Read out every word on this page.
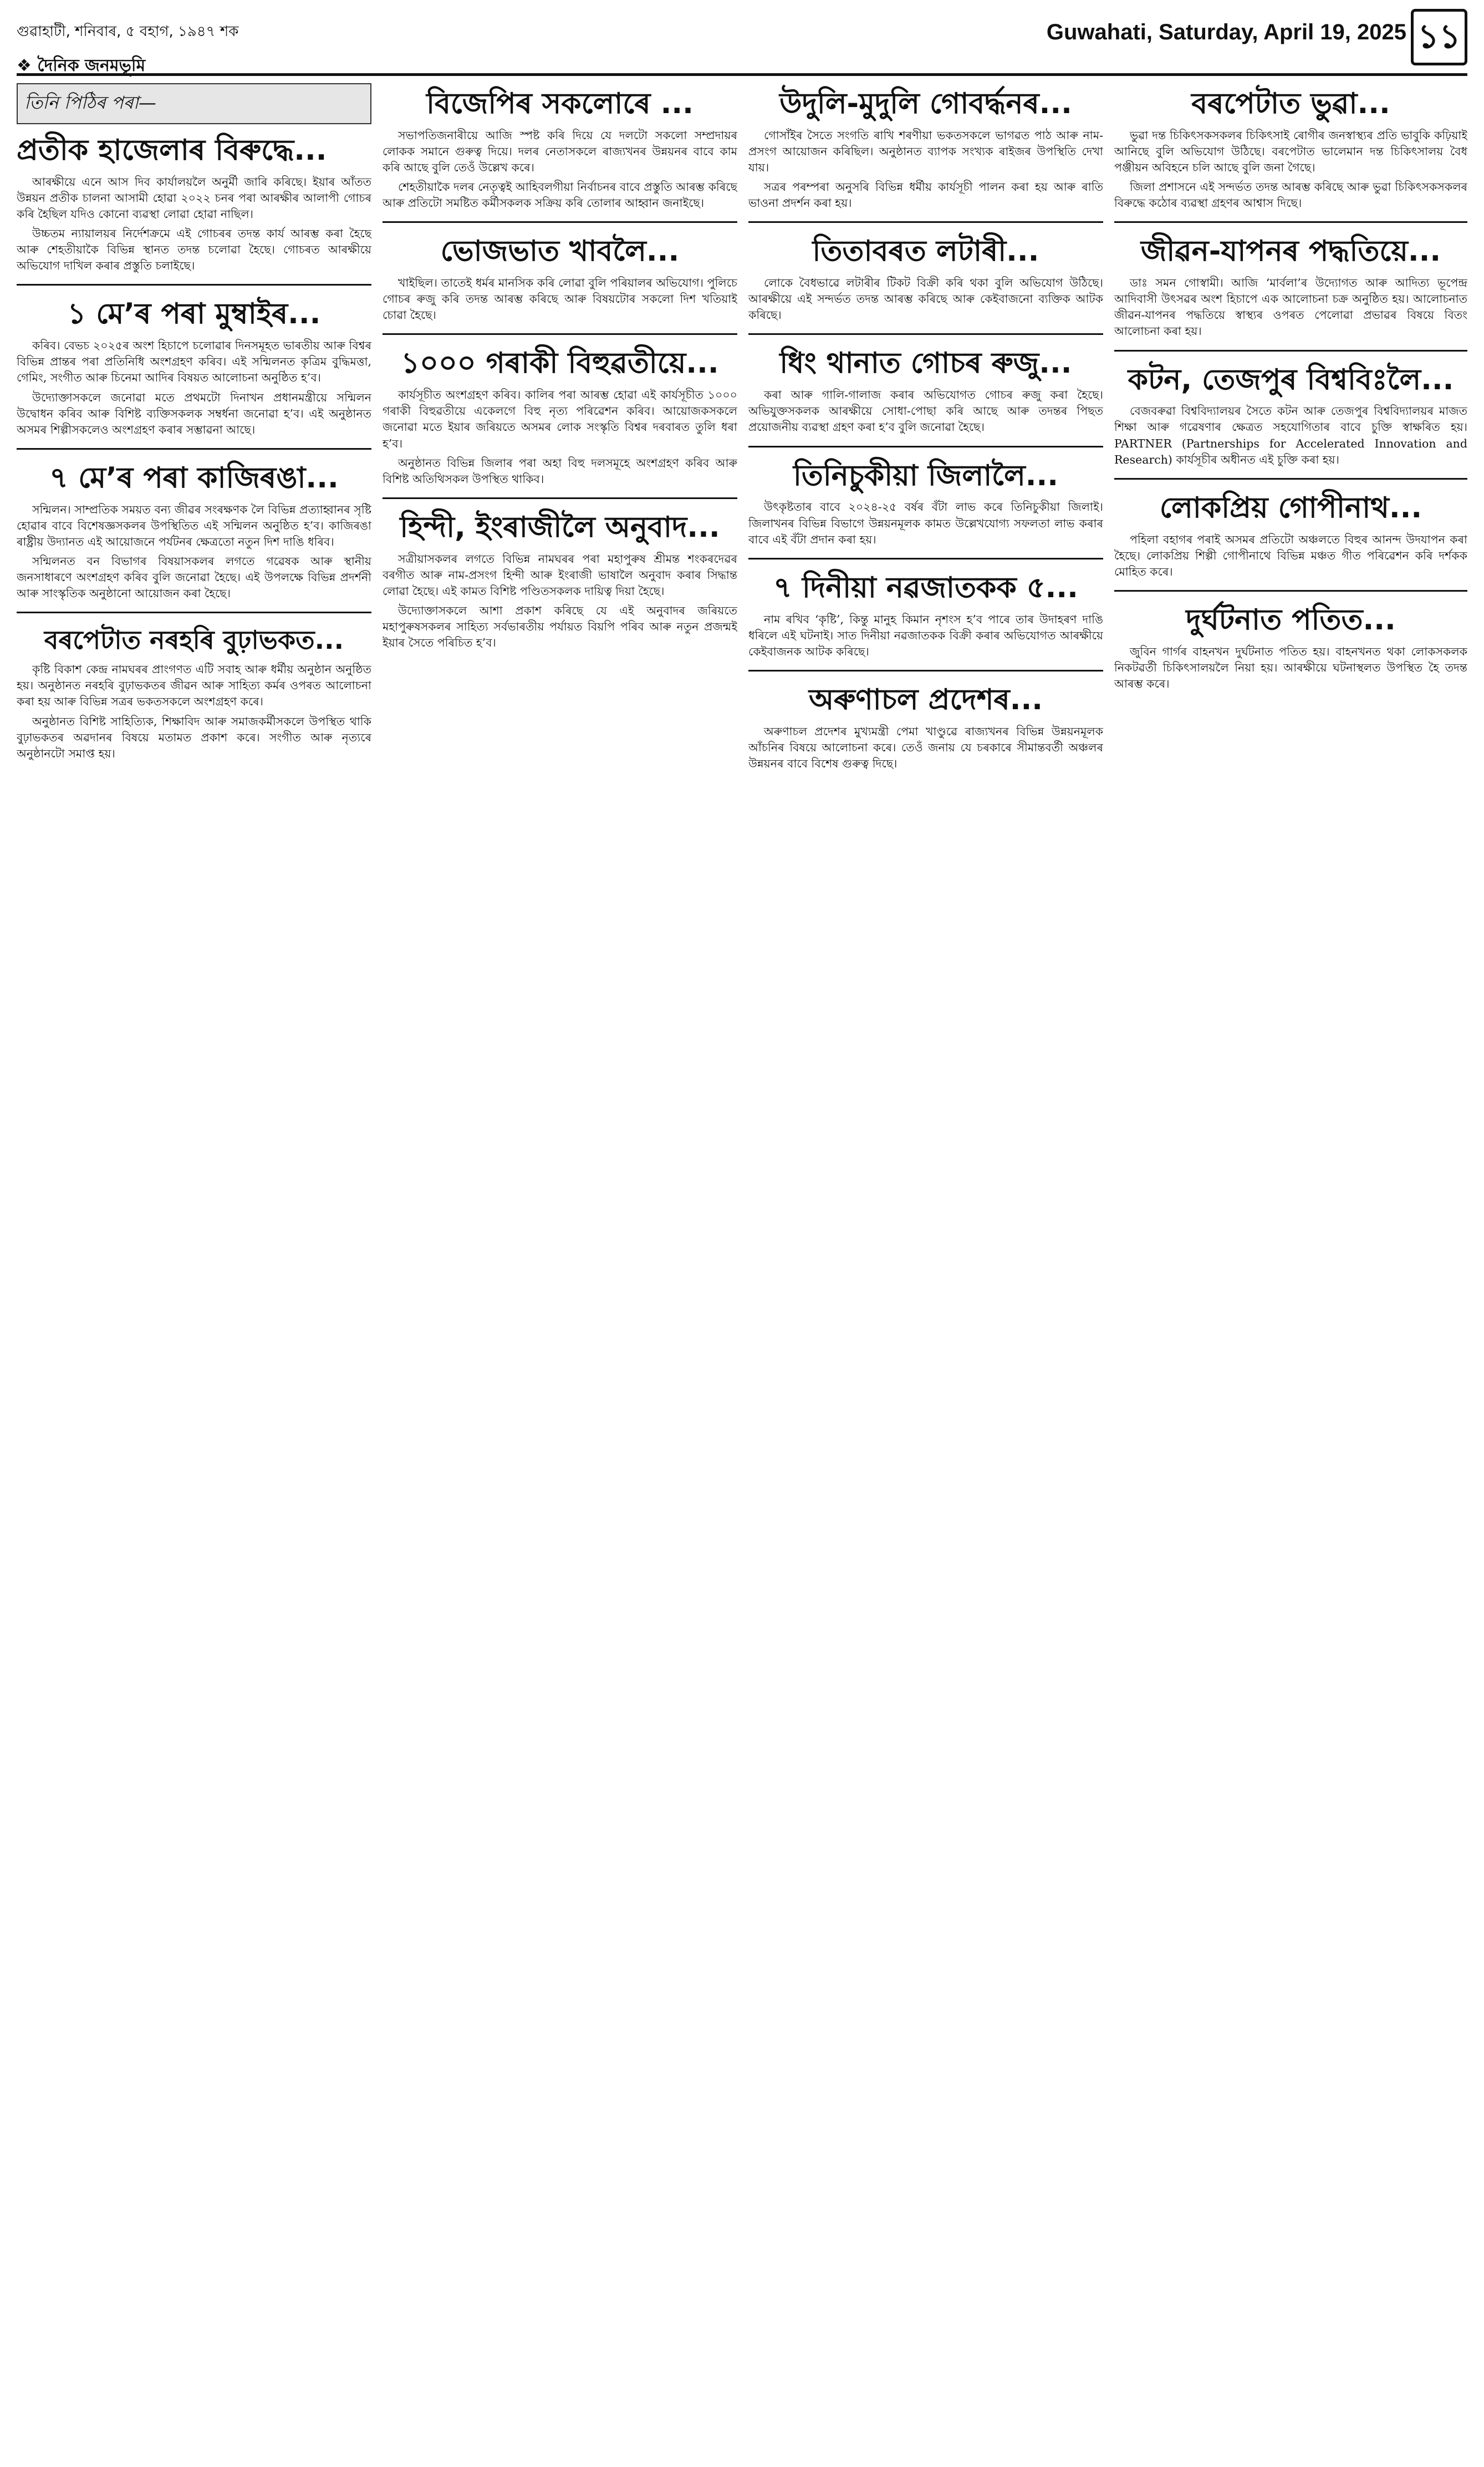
গুৱাহাটী, শনিবাৰ, ৫ বহাগ, ১৯৪৭ শক	Guwahati, Saturday, April 19, 2025 ১১
❖ দৈনিক জনমভূমি
তিনি পিঠিৰ পৰা—
প্ৰতীক হাজেলাৰ বিৰুদ্ধে...

আৰক্ষীয়ে এনে আস দিব কাৰ্যালয়লৈ অনুৰ্মী জাৰি কৰিছে। ইয়াৰ আঁতত উন্নয়ন প্ৰতীক চালনা আসামী হোৱা ২০২২ চনৰ পৰা আৰক্ষীৰ আলাপী গোচৰ কৰি হৈছিল যদিও কোনো ব্যৱস্থা লোৱা হোৱা নাছিল।

উচ্চতম ন্যায়ালয়ৰ নিৰ্দেশক্ৰমে এই গোচৰৰ তদন্ত কাৰ্য আৰম্ভ কৰা হৈছে আৰু শেহতীয়াকৈ বিভিন্ন স্থানত তদন্ত চলোৱা হৈছে। গোচৰত আৰক্ষীয়ে অভিযোগ দাখিল কৰাৰ প্ৰস্তুতি চলাইছে।

১ মে’ৰ পৰা মুম্বাইৰ...

কৰিব। বেভচ ২০২৫ৰ অংশ হিচাপে চলোৱাৰ দিনসমূহত ভাৰতীয় আৰু বিশ্বৰ বিভিন্ন প্ৰান্তৰ পৰা প্ৰতিনিধি অংশগ্ৰহণ কৰিব। এই সন্মিলনত কৃত্ৰিম বুদ্ধিমত্তা, গেমিং, সংগীত আৰু চিনেমা আদিৰ বিষয়ত আলোচনা অনুষ্ঠিত হ’ব।

উদ্যোক্তাসকলে জনোৱা মতে প্ৰথমটো দিনাখন প্ৰধানমন্ত্ৰীয়ে সন্মিলন উদ্বোধন কৰিব আৰু বিশিষ্ট ব্যক্তিসকলক সম্বৰ্ধনা জনোৱা হ’ব। এই অনুষ্ঠানত অসমৰ শিল্পীসকলেও অংশগ্ৰহণ কৰাৰ সম্ভাৱনা আছে।

৭ মে’ৰ পৰা কাজিৰঙা...

সন্মিলন। সাম্প্ৰতিক সময়ত বন্য জীৱৰ সংৰক্ষণক লৈ বিভিন্ন প্ৰত্যাহ্বানৰ সৃষ্টি হোৱাৰ বাবে বিশেষজ্ঞসকলৰ উপস্থিতিত এই সন্মিলন অনুষ্ঠিত হ’ব। কাজিৰঙা ৰাষ্ট্ৰীয় উদ্যানত এই আয়োজনে পৰ্যটনৰ ক্ষেত্ৰতো নতুন দিশ দাঙি ধৰিব।

সন্মিলনত বন বিভাগৰ বিষয়াসকলৰ লগতে গৱেষক আৰু স্থানীয় জনসাধাৰণে অংশগ্ৰহণ কৰিব বুলি জনোৱা হৈছে। এই উপলক্ষে বিভিন্ন প্ৰদৰ্শনী আৰু সাংস্কৃতিক অনুষ্ঠানো আয়োজন কৰা হৈছে।

বৰপেটাত নৰহৰি বুঢ়াভকত...

কৃষ্টি বিকাশ কেন্দ্ৰ নামঘৰৰ প্ৰাংগণত এটি সবাহ আৰু ধৰ্মীয় অনুষ্ঠান অনুষ্ঠিত হয়। অনুষ্ঠানত নৰহৰি বুঢ়াভকতৰ জীৱন আৰু সাহিত্য কৰ্মৰ ওপৰত আলোচনা কৰা হয় আৰু বিভিন্ন সত্ৰৰ ভকতসকলে অংশগ্ৰহণ কৰে।

অনুষ্ঠানত বিশিষ্ট সাহিত্যিক, শিক্ষাবিদ আৰু সমাজকৰ্মীসকলে উপস্থিত থাকি বুঢ়াভকতৰ অৱদানৰ বিষয়ে মতামত প্ৰকাশ কৰে। সংগীত আৰু নৃত্যৰে অনুষ্ঠানটো সমাপ্ত হয়।

বিজেপিৰ সকলোৰে ...

সভাপতিজনাৰীয়ে আজি স্পষ্ট কৰি দিয়ে যে দলটো সকলো সম্প্ৰদায়ৰ লোকক সমানে গুৰুত্ব দিয়ে। দলৰ নেতাসকলে ৰাজ্যখনৰ উন্নয়নৰ বাবে কাম কৰি আছে বুলি তেওঁ উল্লেখ কৰে।

শেহতীয়াকৈ দলৰ নেতৃত্বই আহিবলগীয়া নিৰ্বাচনৰ বাবে প্ৰস্তুতি আৰম্ভ কৰিছে আৰু প্ৰতিটো সমষ্টিত কৰ্মীসকলক সক্ৰিয় কৰি তোলাৰ আহ্বান জনাইছে।

ভোজভাত খাবলৈ...

খাইছিল। তাতেই ধৰ্মৰ মানসিক কৰি লোৱা বুলি পৰিয়ালৰ অভিযোগ। পুলিচে গোচৰ ৰুজু কৰি তদন্ত আৰম্ভ কৰিছে আৰু বিষয়টোৰ সকলো দিশ খতিয়াই চোৱা হৈছে।

১০০০ গৰাকী বিহুৱতীয়ে...

কাৰ্যসূচীত অংশগ্ৰহণ কৰিব। কালিৰ পৰা আৰম্ভ হোৱা এই কাৰ্যসূচীত ১০০০ গৰাকী বিহুৱতীয়ে একেলগে বিহু নৃত্য পৰিৱেশন কৰিব। আয়োজকসকলে জনোৱা মতে ইয়াৰ জৰিয়তে অসমৰ লোক সংস্কৃতি বিশ্বৰ দৰবাৰত তুলি ধৰা হ’ব।

অনুষ্ঠানত বিভিন্ন জিলাৰ পৰা অহা বিহু দলসমূহে অংশগ্ৰহণ কৰিব আৰু বিশিষ্ট অতিথিসকল উপস্থিত থাকিব।

হিন্দী, ইংৰাজীলৈ অনুবাদ...

সত্ৰীয়াসকলৰ লগতে বিভিন্ন নামঘৰৰ পৰা মহাপুৰুষ শ্ৰীমন্ত শংকৰদেৱৰ বৰগীত আৰু নাম-প্ৰসংগ হিন্দী আৰু ইংৰাজী ভাষালৈ অনুবাদ কৰাৰ সিদ্ধান্ত লোৱা হৈছে। এই কামত বিশিষ্ট পণ্ডিতসকলক দায়িত্ব দিয়া হৈছে।

উদ্যোক্তাসকলে আশা প্ৰকাশ কৰিছে যে এই অনুবাদৰ জৰিয়তে মহাপুৰুষসকলৰ সাহিত্য সৰ্বভাৰতীয় পৰ্যায়ত বিয়পি পৰিব আৰু নতুন প্ৰজন্মই ইয়াৰ সৈতে পৰিচিত হ’ব।

উদুলি-মুদুলি গোবৰ্দ্ধনৰ...

গোসাঁইৰ সৈতে সংগতি ৰাখি শৰণীয়া ভকতসকলে ভাগৱত পাঠ আৰু নাম-প্ৰসংগ আয়োজন কৰিছিল। অনুষ্ঠানত ব্যাপক সংখ্যক ৰাইজৰ উপস্থিতি দেখা যায়।

সত্ৰৰ পৰম্পৰা অনুসৰি বিভিন্ন ধৰ্মীয় কাৰ্যসূচী পালন কৰা হয় আৰু ৰাতি ভাওনা প্ৰদৰ্শন কৰা হয়।

তিতাবৰত লটাৰী...

লোকে বৈধভাৱে লটাৰীৰ টিকট বিক্ৰী কৰি থকা বুলি অভিযোগ উঠিছে। আৰক্ষীয়ে এই সন্দৰ্ভত তদন্ত আৰম্ভ কৰিছে আৰু কেইবাজনো ব্যক্তিক আটক কৰিছে।

ধিং থানাত গোচৰ ৰুজু...

কৰা আৰু গালি-গালাজ কৰাৰ অভিযোগত গোচৰ ৰুজু কৰা হৈছে। অভিযুক্তসকলক আৰক্ষীয়ে সোধা-পোছা কৰি আছে আৰু তদন্তৰ পিছত প্ৰয়োজনীয় ব্যৱস্থা গ্ৰহণ কৰা হ’ব বুলি জনোৱা হৈছে।

তিনিচুকীয়া জিলালৈ...

উৎকৃষ্টতাৰ বাবে ২০২৪-২৫ বৰ্ষৰ বঁটা লাভ কৰে তিনিচুকীয়া জিলাই। জিলাখনৰ বিভিন্ন বিভাগে উন্নয়নমূলক কামত উল্লেখযোগ্য সফলতা লাভ কৰাৰ বাবে এই বঁটা প্ৰদান কৰা হয়।

৭ দিনীয়া নৱজাতকক ৫...

নাম ৰখিব ‘কৃষ্টি’, কিন্তু মানুহ কিমান নৃশংস হ’ব পাৰে তাৰ উদাহৰণ দাঙি ধৰিলে এই ঘটনাই। সাত দিনীয়া নৱজাতকক বিক্ৰী কৰাৰ অভিযোগত আৰক্ষীয়ে কেইবাজনক আটক কৰিছে।

অৰুণাচল প্ৰদেশৰ...

অৰুণাচল প্ৰদেশৰ মুখ্যমন্ত্ৰী পেমা খাণ্ডুৱে ৰাজ্যখনৰ বিভিন্ন উন্নয়নমূলক আঁচনিৰ বিষয়ে আলোচনা কৰে। তেওঁ জনায় যে চৰকাৰে সীমান্তবৰ্তী অঞ্চলৰ উন্নয়নৰ বাবে বিশেষ গুৰুত্ব দিছে।

বৰপেটাত ভুৱা...

ভুৱা দন্ত চিকিৎসকসকলৰ চিকিৎসাই ৰোগীৰ জনস্বাস্থ্যৰ প্ৰতি ভাবুকি কঢ়িয়াই আনিছে বুলি অভিযোগ উঠিছে। বৰপেটাত ভালেমান দন্ত চিকিৎসালয় বৈধ পঞ্জীয়ন অবিহনে চলি আছে বুলি জনা গৈছে।

জিলা প্ৰশাসনে এই সন্দৰ্ভত তদন্ত আৰম্ভ কৰিছে আৰু ভুৱা চিকিৎসকসকলৰ বিৰুদ্ধে কঠোৰ ব্যৱস্থা গ্ৰহণৰ আশ্বাস দিছে।

জীৱন-যাপনৰ পদ্ধতিয়ে...

ডাঃ সমন গোস্বামী। আজি ‘মাৰ্বলা’ৰ উদ্যোগত আৰু আদিত্য ভূপেন্দ্ৰ আদিবাসী উৎসৱৰ অংশ হিচাপে এক আলোচনা চক্ৰ অনুষ্ঠিত হয়। আলোচনাত জীৱন-যাপনৰ পদ্ধতিয়ে স্বাস্থ্যৰ ওপৰত পেলোৱা প্ৰভাৱৰ বিষয়ে বিতং আলোচনা কৰা হয়।

কটন, তেজপুৰ বিশ্ববিঃলৈ...

বেজবৰুৱা বিশ্ববিদ্যালয়ৰ সৈতে কটন আৰু তেজপুৰ বিশ্ববিদ্যালয়ৰ মাজত শিক্ষা আৰু গৱেষণাৰ ক্ষেত্ৰত সহযোগিতাৰ বাবে চুক্তি স্বাক্ষৰিত হয়। PARTNER (Partnerships for Accelerated Innovation and Research) কাৰ্যসূচীৰ অধীনত এই চুক্তি কৰা হয়।

লোকপ্ৰিয় গোপীনাথ...

পহিলা বহাগৰ পৰাই অসমৰ প্ৰতিটো অঞ্চলতে বিহুৰ আনন্দ উদযাপন কৰা হৈছে। লোকপ্ৰিয় শিল্পী গোপীনাথে বিভিন্ন মঞ্চত গীত পৰিৱেশন কৰি দৰ্শকক মোহিত কৰে।

দুৰ্ঘটনাত পতিত...

জুবিন গাৰ্গৰ বাহনখন দুৰ্ঘটনাত পতিত হয়। বাহনখনত থকা লোকসকলক নিকটৱৰ্তী চিকিৎসালয়লৈ নিয়া হয়। আৰক্ষীয়ে ঘটনাস্থলত উপস্থিত হৈ তদন্ত আৰম্ভ কৰে।
